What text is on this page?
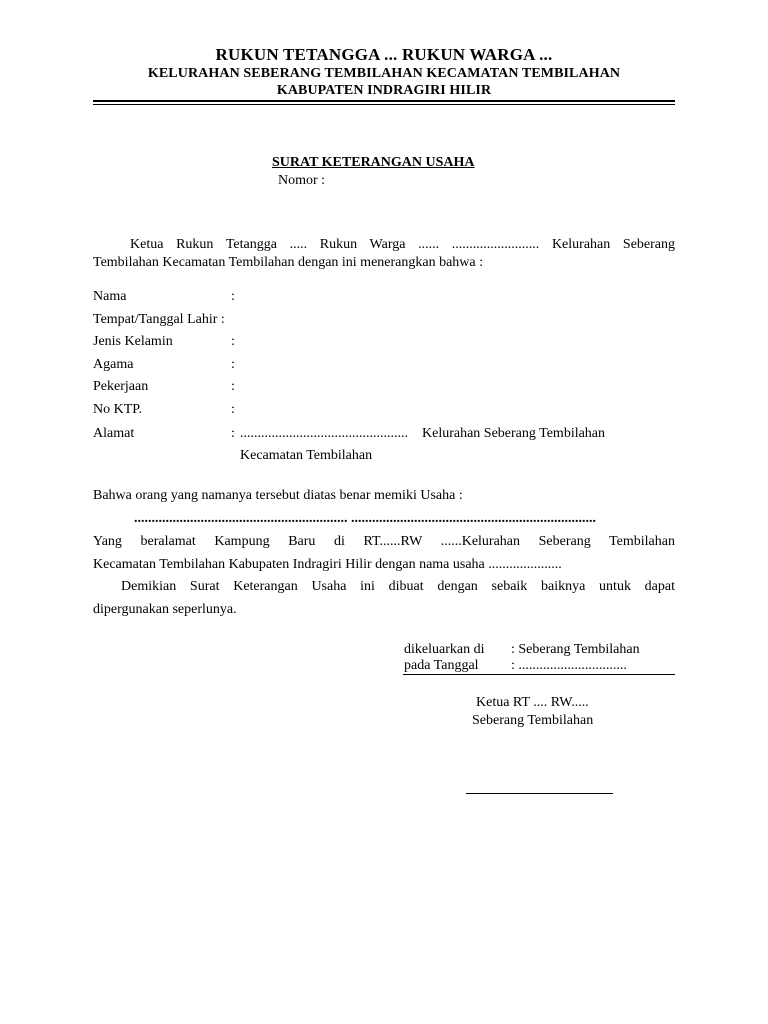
RUKUN TETANGGA ... RUKUN WARGA ...
KELURAHAN SEBERANG TEMBILAHAN KECAMATAN TEMBILAHAN
KABUPATEN INDRAGIRI HILIR
SURAT KETERANGAN USAHA
Nomor :
Ketua Rukun Tetangga ..... Rukun Warga ...... ......................... Kelurahan Seberang
Tembilahan Kecamatan Tembilahan dengan ini menerangkan bahwa :
Nama	:
Tempat/Tanggal Lahir :
Jenis Kelamin	:
Agama	:
Pekerjaan	:
No KTP.	:
Alamat	: ................................................    Kelurahan Seberang Tembilahan
Kecamatan Tembilahan
Bahwa orang yang namanya tersebut diatas benar memiki Usaha :
............................................................. ......................................................................
Yang beralamat Kampung Baru di RT......RW ......Kelurahan Seberang Tembilahan
Kecamatan Tembilahan Kabupaten Indragiri Hilir dengan nama usaha .....................
Demikian Surat Keterangan Usaha ini dibuat dengan sebaik baiknya untuk dapat
dipergunakan seperlunya.
dikeluarkan di : Seberang Tembilahan
pada Tanggal : ...............................
Ketua RT .... RW.....
Seberang Tembilahan
